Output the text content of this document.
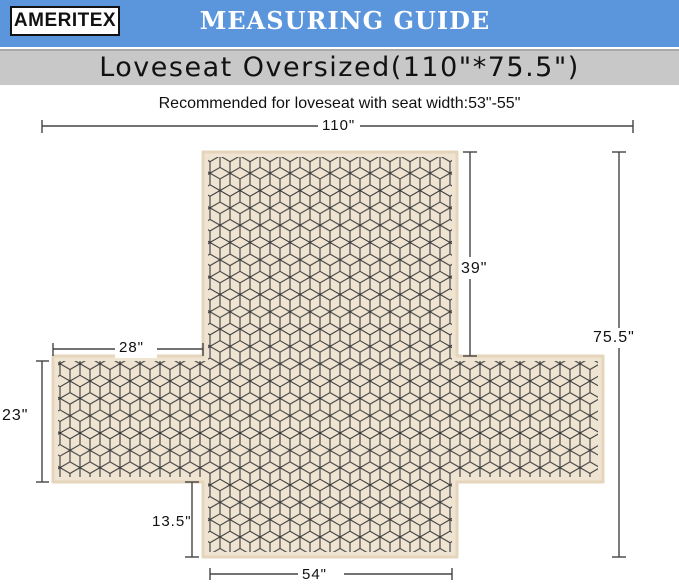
AMERITEX	MEASURING GUIDE
Loveseat Oversized(110"*75.5")
Recommended for loveseat with seat width:53"-55"
110"
39"
75.5"
28"
23"
13.5"
54"
